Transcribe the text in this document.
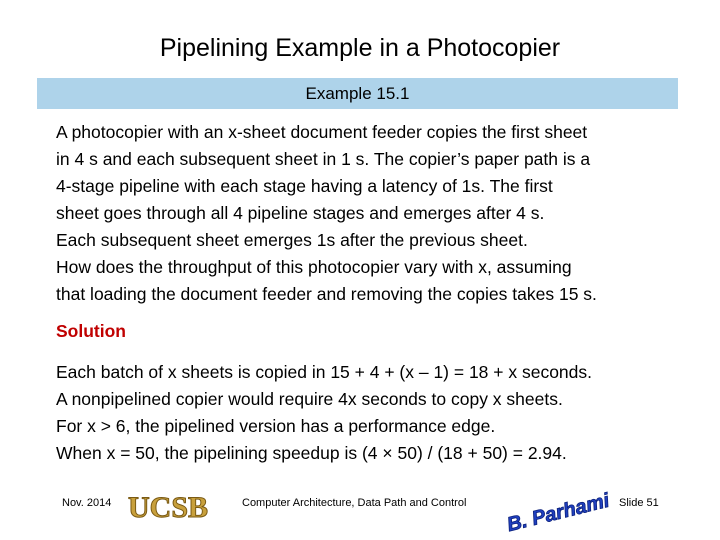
Pipelining Example in a Photocopier
Example 15.1
A photocopier with an x-sheet document feeder copies the first sheet
in 4 s and each subsequent sheet in 1 s. The copier’s paper path is a
4-stage pipeline with each stage having a latency of 1s. The first
sheet goes through all 4 pipeline stages and emerges after 4 s.
Each subsequent sheet emerges 1s after the previous sheet.
How does the throughput of this photocopier vary with x, assuming
that loading the document feeder and removing the copies takes 15 s.
Solution
Each batch of x sheets is copied in 15 + 4 + (x – 1) = 18 + x seconds.
A nonpipelined copier would require 4x seconds to copy x sheets.
For x > 6, the pipelined version has a performance edge.
When x = 50, the pipelining speedup is (4 × 50) / (18 + 50) = 2.94.
Nov. 2014 UCSB	Computer Architecture, Data Path and Control B. Parhami Slide 51
